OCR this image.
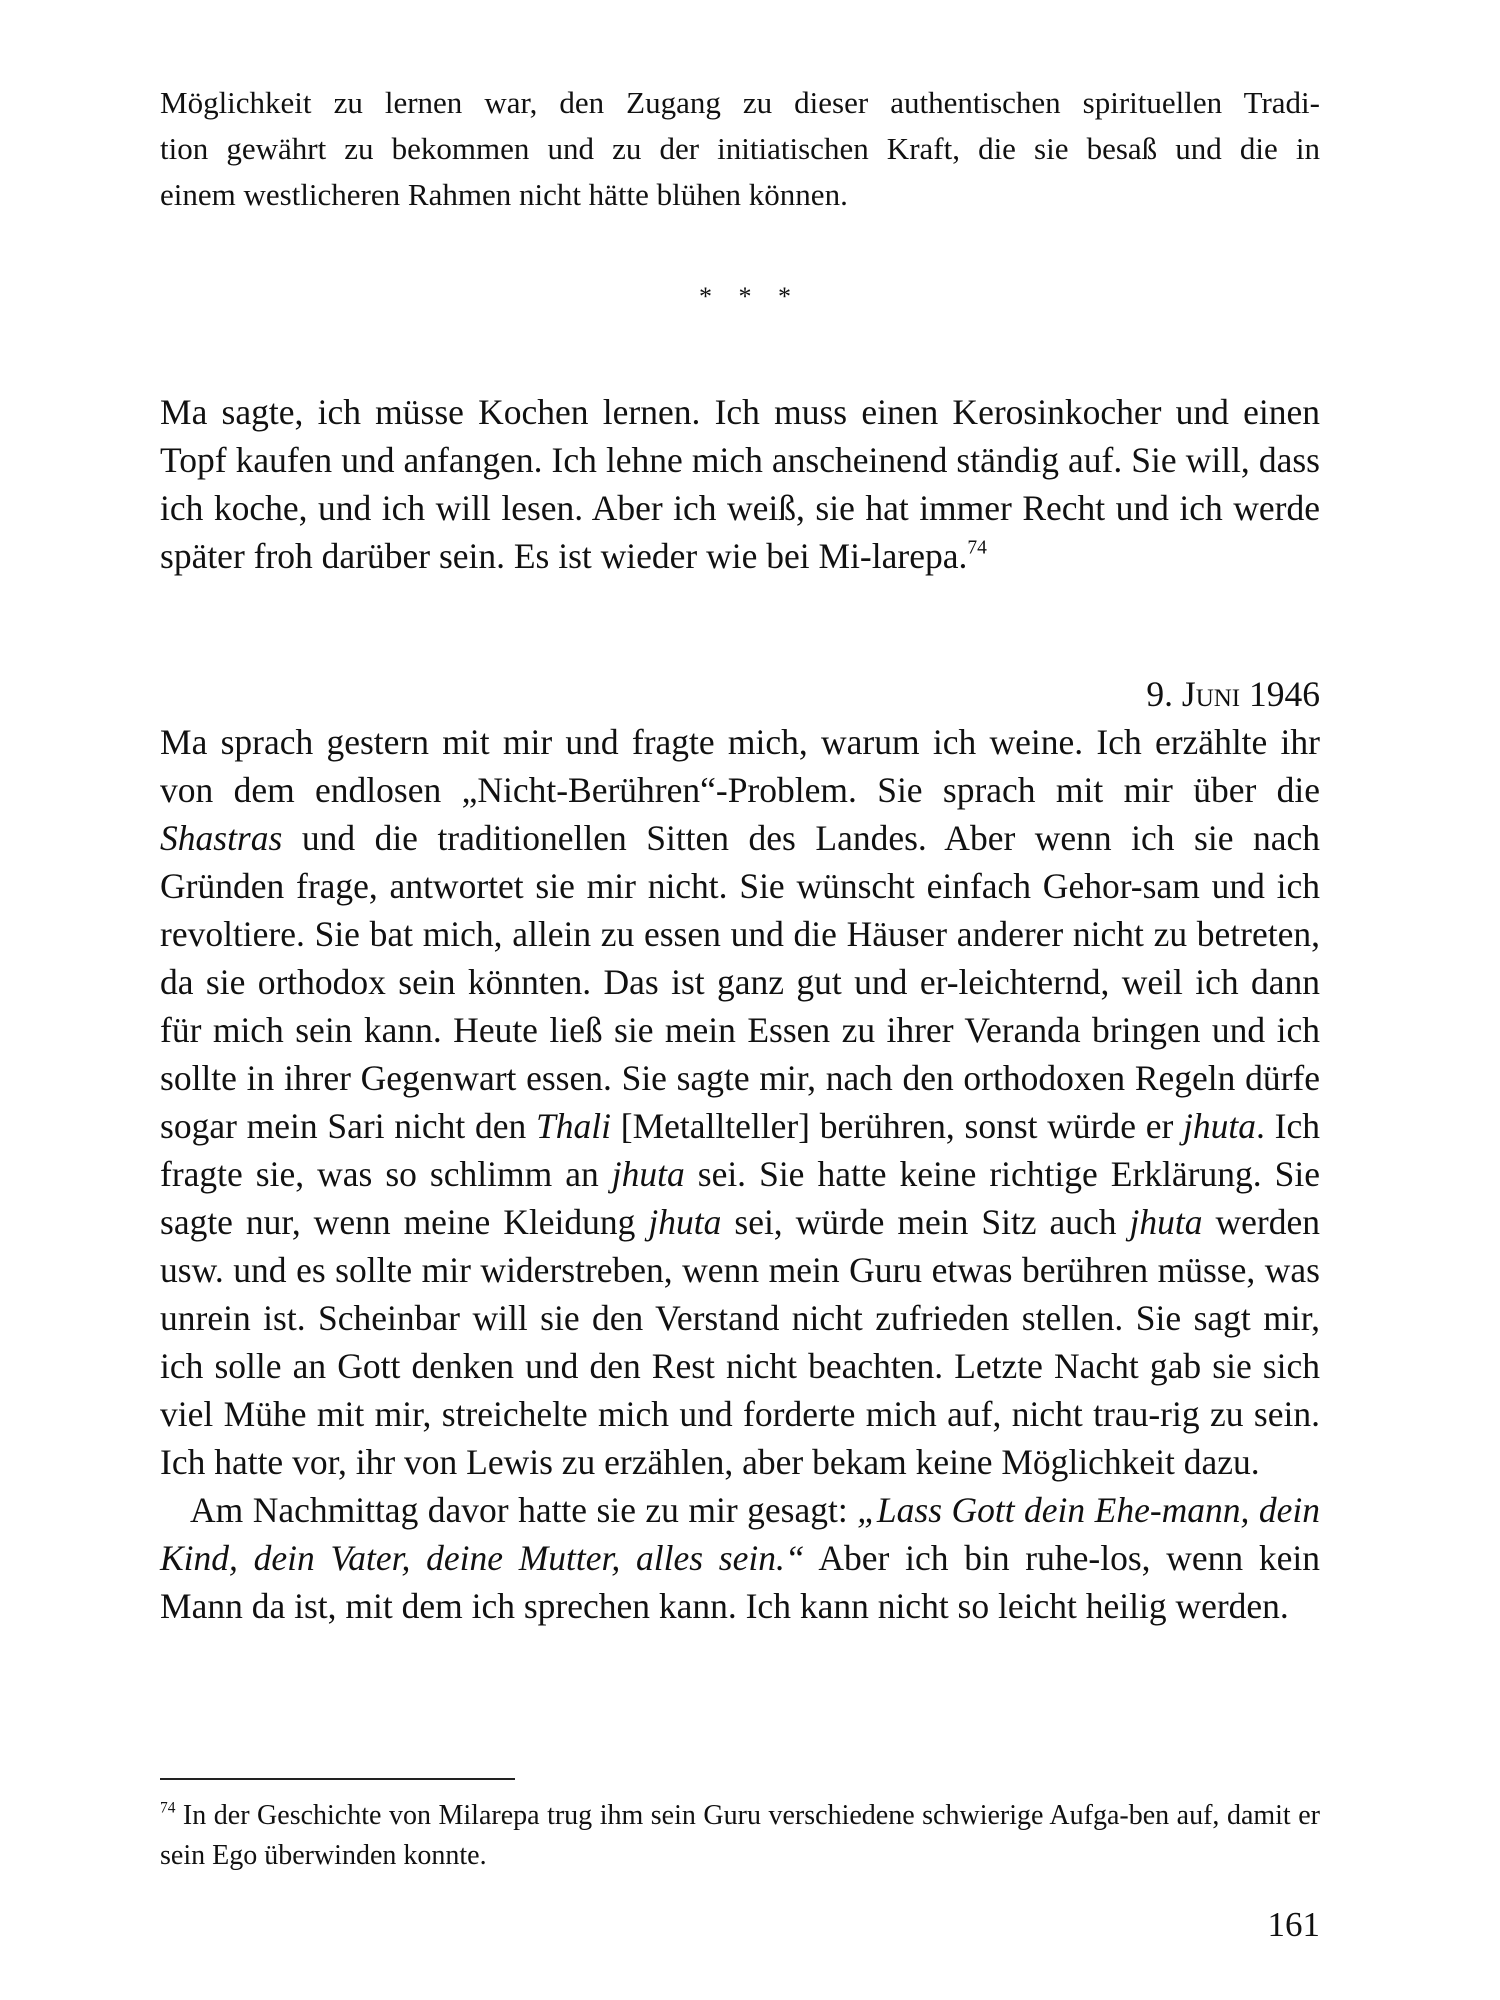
Möglichkeit zu lernen war, den Zugang zu dieser authentischen spirituellen Tradi-
tion gewährt zu bekommen und zu der initiatischen Kraft, die sie besaß und die in
einem westlicheren Rahmen nicht hätte blühen können.
* * *

Ma sagte, ich müsse Kochen lernen. Ich muss einen Kerosinkocher und einen Topf kaufen und anfangen. Ich lehne mich anscheinend ständig auf. Sie will, dass ich koche, und ich will lesen. Aber ich weiß, sie hat immer Recht und ich werde später froh darüber sein. Es ist wieder wie bei Mi-larepa.$^{74}$

9. Juni 1946

Ma sprach gestern mit mir und fragte mich, warum ich weine. Ich erzählte ihr von dem endlosen „Nicht-Berühren“-Problem. Sie sprach mit mir über die Shastras und die traditionellen Sitten des Landes. Aber wenn ich sie nach Gründen frage, antwortet sie mir nicht. Sie wünscht einfach Gehor-sam und ich revoltiere. Sie bat mich, allein zu essen und die Häuser anderer nicht zu betreten, da sie orthodox sein könnten. Das ist ganz gut und er-leichternd, weil ich dann für mich sein kann. Heute ließ sie mein Essen zu ihrer Veranda bringen und ich sollte in ihrer Gegenwart essen. Sie sagte mir, nach den orthodoxen Regeln dürfe sogar mein Sari nicht den Thali [Metallteller] berühren, sonst würde er jhuta. Ich fragte sie, was so schlimm an jhuta sei. Sie hatte keine richtige Erklärung. Sie sagte nur, wenn meine Kleidung jhuta sei, würde mein Sitz auch jhuta werden usw. und es sollte mir widerstreben, wenn mein Guru etwas berühren müsse, was unrein ist. Scheinbar will sie den Verstand nicht zufrieden stellen. Sie sagt mir, ich solle an Gott denken und den Rest nicht beachten. Letzte Nacht gab sie sich viel Mühe mit mir, streichelte mich und forderte mich auf, nicht trau-rig zu sein. Ich hatte vor, ihr von Lewis zu erzählen, aber bekam keine Möglichkeit dazu.

Am Nachmittag davor hatte sie zu mir gesagt: „Lass Gott dein Ehe-mann, dein Kind, dein Vater, deine Mutter, alles sein.“ Aber ich bin ruhe-los, wenn kein Mann da ist, mit dem ich sprechen kann. Ich kann nicht so leicht heilig werden.

$^{74}$ In der Geschichte von Milarepa trug ihm sein Guru verschiedene schwierige Aufga-ben auf, damit er sein Ego überwinden konnte.
161
